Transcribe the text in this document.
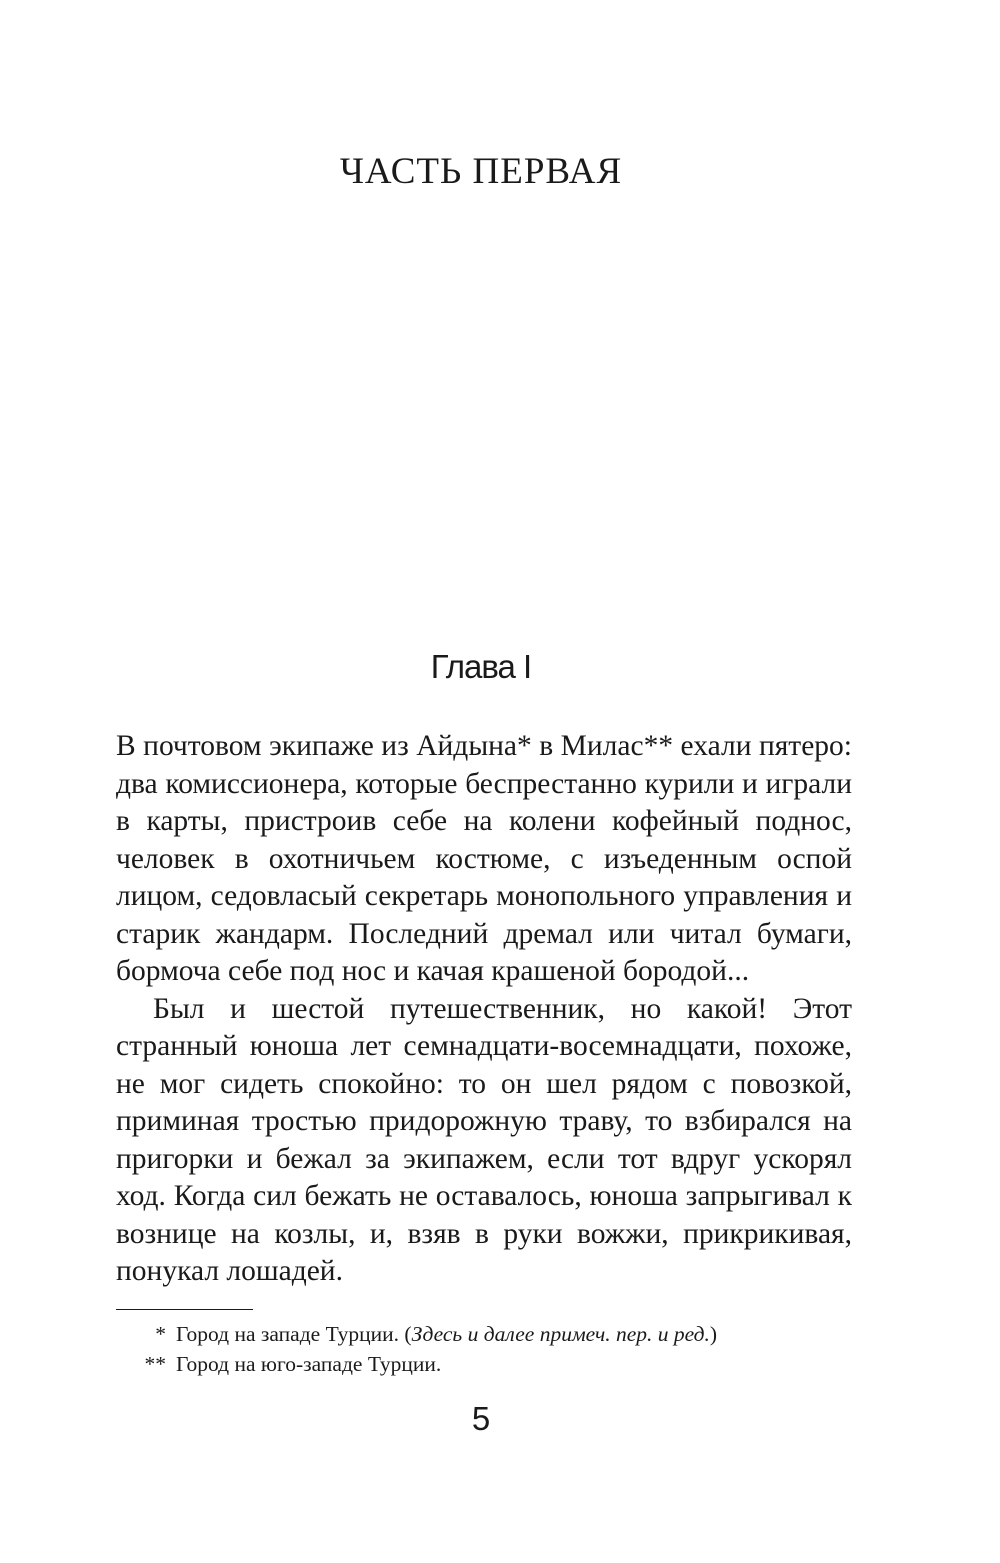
ЧАСТЬ ПЕРВАЯ
Глава I

В почтовом экипаже из Айдына* в Милас** ехали пятеро: два комиссионера, которые беспрестанно курили и играли в карты, пристроив себе на колени кофейный поднос, человек в охотничьем костюме, с изъеденным оспой лицом, седовласый секретарь монопольного управления и старик жандарм. Последний дремал или читал бумаги, бормоча себе под нос и качая крашеной бородой...

Был и шестой путешественник, но какой! Этот странный юноша лет семнадцати-восемнадцати, похоже, не мог сидеть спокойно: то он шел рядом с повозкой, приминая тростью придорожную траву, то взбирался на пригорки и бежал за экипажем, если тот вдруг ускорял ход. Когда сил бежать не оставалось, юноша запрыгивал к вознице на козлы, и, взяв в руки вожжи, прикрикивая, понукал лошадей.

* Город на западе Турции. (Здесь и далее примеч. пер. и ред.)
** Город на юго-западе Турции.
5
